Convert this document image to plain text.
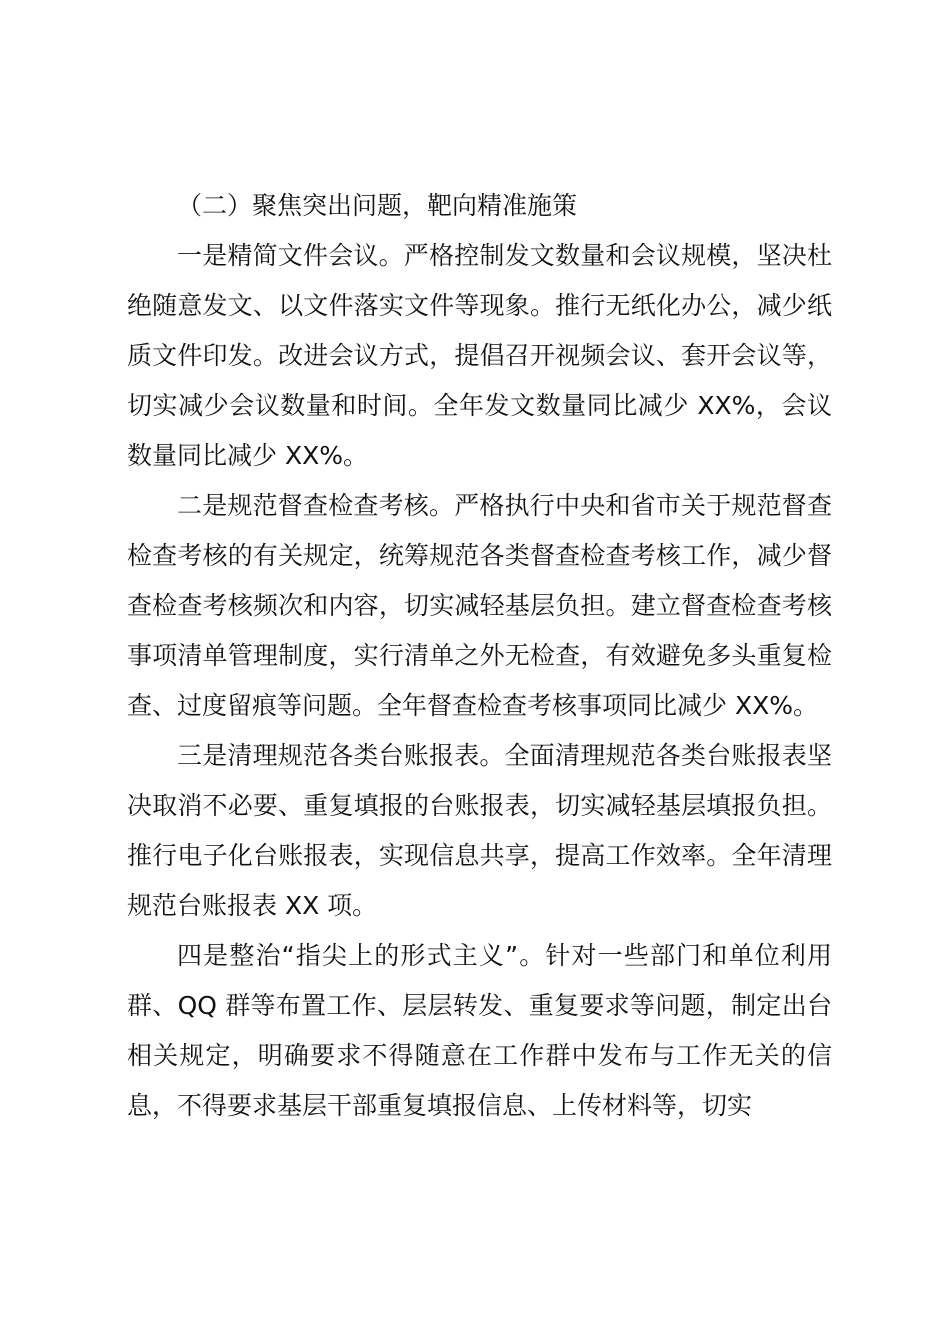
（二）聚焦突出问题，靶向精准施策

一是精简文件会议。严格控制发文数量和会议规模，坚决杜绝随意发文、以文件落实文件等现象。推行无纸化办公，减少纸质文件印发。改进会议方式，提倡召开视频会议、套开会议等，切实减少会议数量和时间。全年发文数量同比减少 XX%，会议数量同比减少 XX%。

二是规范督查检查考核。严格执行中央和省市关于规范督查检查考核的有关规定，统筹规范各类督查检查考核工作，减少督查检查考核频次和内容，切实减轻基层负担。建立督查检查考核事项清单管理制度，实行清单之外无检查，有效避免多头重复检查、过度留痕等问题。全年督查检查考核事项同比减少 XX%。

三是清理规范各类台账报表。全面清理规范各类台账报表坚决取消不必要、重复填报的台账报表，切实减轻基层填报负担。推行电子化台账报表，实现信息共享，提高工作效率。全年清理规范台账报表 XX 项。

四是整治“指尖上的形式主义”。针对一些部门和单位利用群、QQ 群等布置工作、层层转发、重复要求等问题，制定出台相关规定，明确要求不得随意在工作群中发布与工作无关的信息，不得要求基层干部重复填报信息、上传材料等，切实
